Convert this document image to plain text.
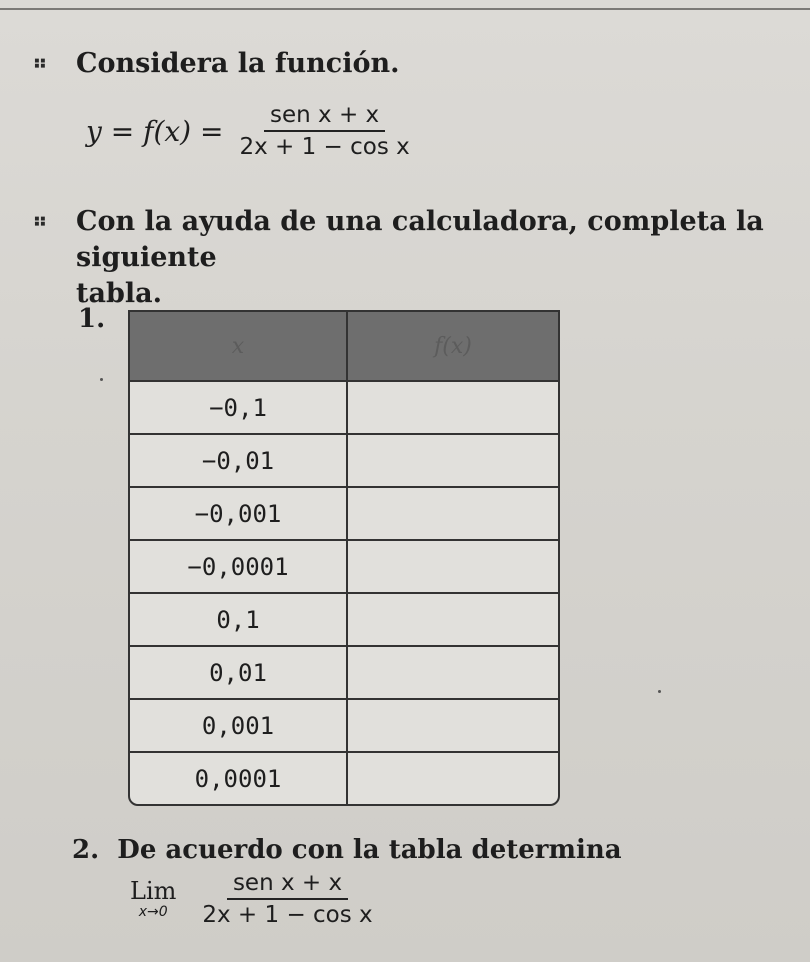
⠶ Considera la función.
$y = f(x) = \frac{\text{sen x + x}}{\text{2x + 1 − cos x}}$
⠶ Con la ayuda de una calculadora, completa la siguiente
tabla.
1.
x	f(x)
−0,1
−0,01
−0,001
−0,0001
0,1
0,01
0,001
0,0001
2. De acuerdo con la tabla determina
Lim
$x\to 0 \frac{\text{sen x + x}}{\text{2x + 1 − cos x}}$
